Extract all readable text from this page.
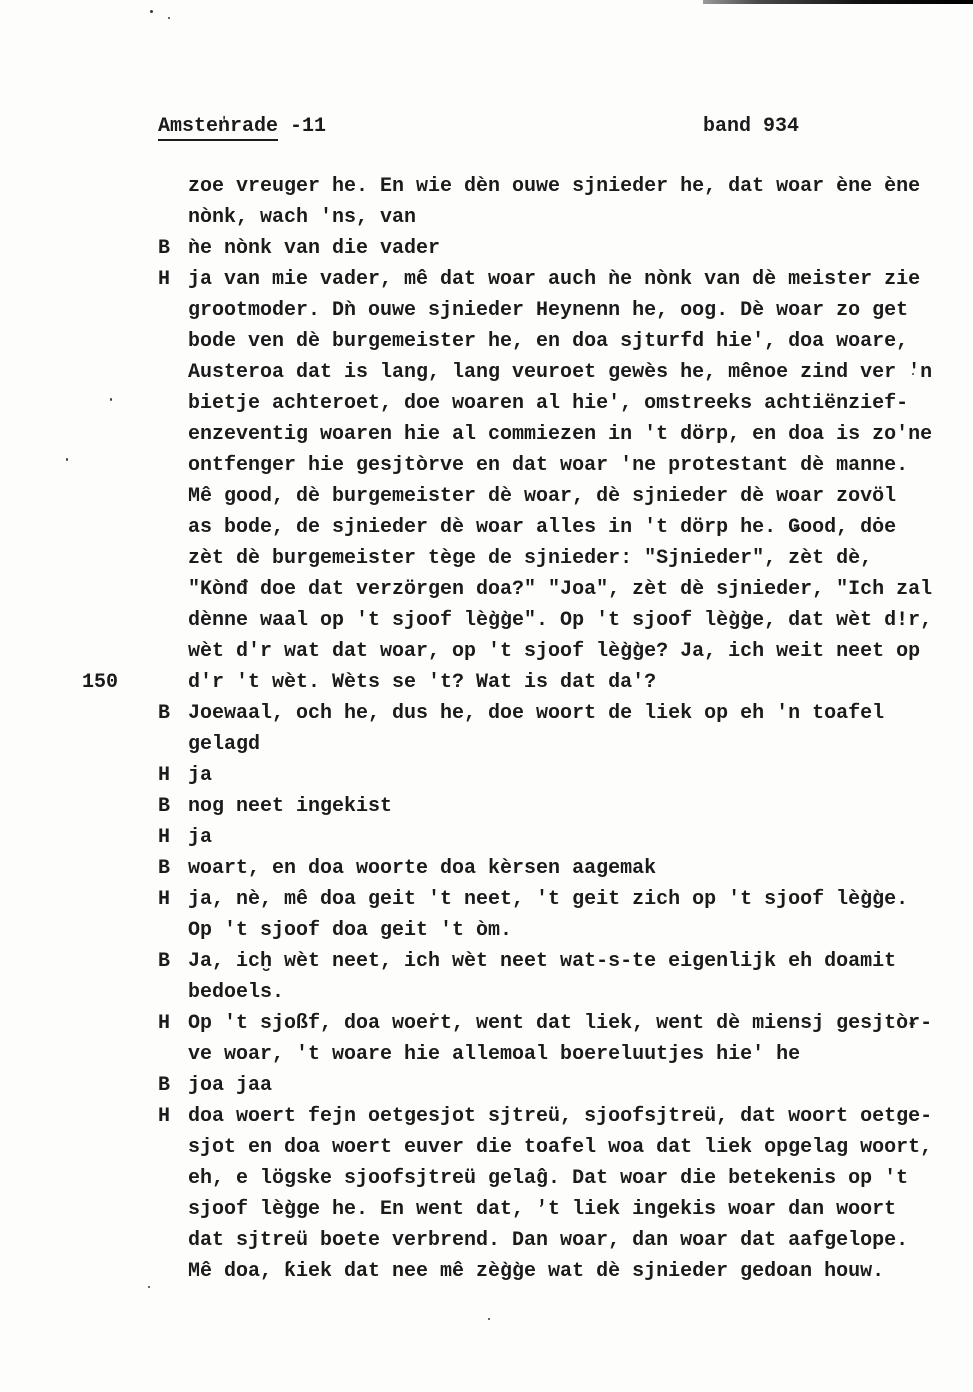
Amsten̍rade -11

	band 934

zoe vreuger he. En wie dèn ouwe sjnieder he, dat woar ène ène
nònk, wach 'ns, van
B ǹe nònk van die vader
H ja van mie vader, mê dat woar auch ǹe nònk van dè meister zie
grootmoder. Dǹ ouwe sjnieder Heynenn he, oog. Dè woar zo get
bode ven dè burgemeister he, en doa sjturfd hie', doa woare,
Austeroa dat is lang, lang veuroet gewès he, mênoe zind ver 'n
bietje achteroet, doe woaren al hie', omstreeks achtiënzief-
enzeventig woaren hie al commiezen in 't dörp, en doa is zo'ne
ontfenger hie gesjtòrve en dat woar 'ne protestant dè manne.
Mê good, dè burgemeister dè woar, dè sjnieder dè woar zovöl
as bode, de sjnieder dè woar alles in 't dörp he. Ǥood, dȯe
zèt dè burgemeister tège de sjnieder: "Sjnieder", zèt dè,
"Kònđ doe dat verzörgen doa?" "Joa", zèt dè sjnieder, "Ich zal
dènne waal op 't sjoof lèg̀g̀e". Op 't sjoof lèg̀g̀e, dat wèt d!r,
wèt d'r wat dat woar, op 't sjoof lèg̀g̀e? Ja, ich weit neet op
150	d'r 't wèt. Wèts se 't? Wat is dat da'?
B Joewaal, och he, dus he, doe woort de liek op eh 'n toafel
gelagd
H ja
B nog neet ingekist
H ja
B woart, en doa woorte doa kèrsen aagemak
H ja, nè, mê doa geit 't neet, 't geit zich op 't sjoof lèg̀g̀e.
Op 't sjoof doa geit 't òm.
B Ja, icḫ wèt neet, ich wèt neet wat-s-te eigenlijk eh doamit
bedoels.
H Op 't sjoßf, doa woert, went dat liek, went dè miensj gesjtòɍ-
ve woar, 't woare hie allemoal boereluutjes hie' he
B joa jaa
H doa woert fejn oetgesjot sjtreü, sjoofsjtreü, dat woort oetge-
sjot en doa woert euver die toafel woa dat liek opgelag woort,
eh, e lögske sjoofsjtreü gelaĝ. Dat woar die betekenis op 't
sjoof lèg̀ge he. En went dat, 't liek ingekis woar dan woort
dat sjtreü boete verbrend. Dan woar, dan woar dat aafgelope.
Mê doa, ƙiek dat nee mê zèg̀g̀e wat dè sjnieder gedoan houw.
